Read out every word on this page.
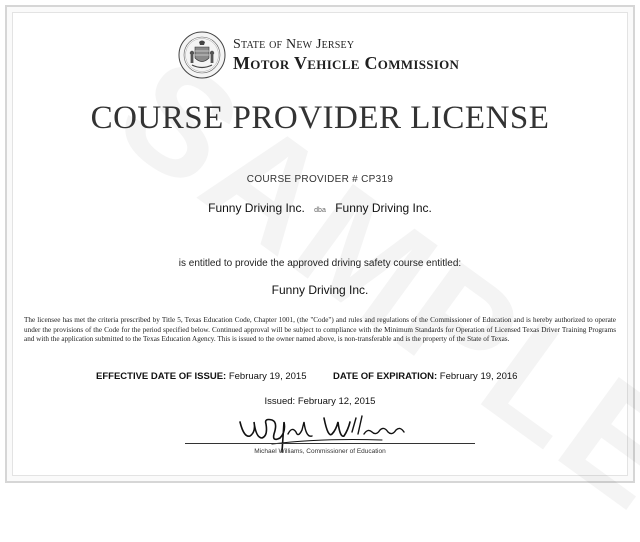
State of New Jersey
Motor Vehicle Commission
COURSE PROVIDER LICENSE
COURSE PROVIDER # CP319
Funny Driving Inc. dba Funny Driving Inc.
is entitled to provide the approved driving safety course entitled:
Funny Driving Inc.
The licensee has met the criteria prescribed by Title 5, Texas Education Code, Chapter 1001, (the "Code") and rules and regulations of the Commissioner of Education and is hereby authorized to operate under the provisions of the Code for the period specified below. Continued approval will be subject to compliance with the Minimum Standards for Operation of Licensed Texas Driver Training Programs and with the application submitted to the Texas Education Agency. This is issued to the owner named above, is non-transferable and is the property of the State of Texas.
EFFECTIVE DATE OF ISSUE: February 19, 2015	DATE OF EXPIRATION: February 19, 2016
Issued: February 12, 2015
Michael Williams, Commissioner of Education
